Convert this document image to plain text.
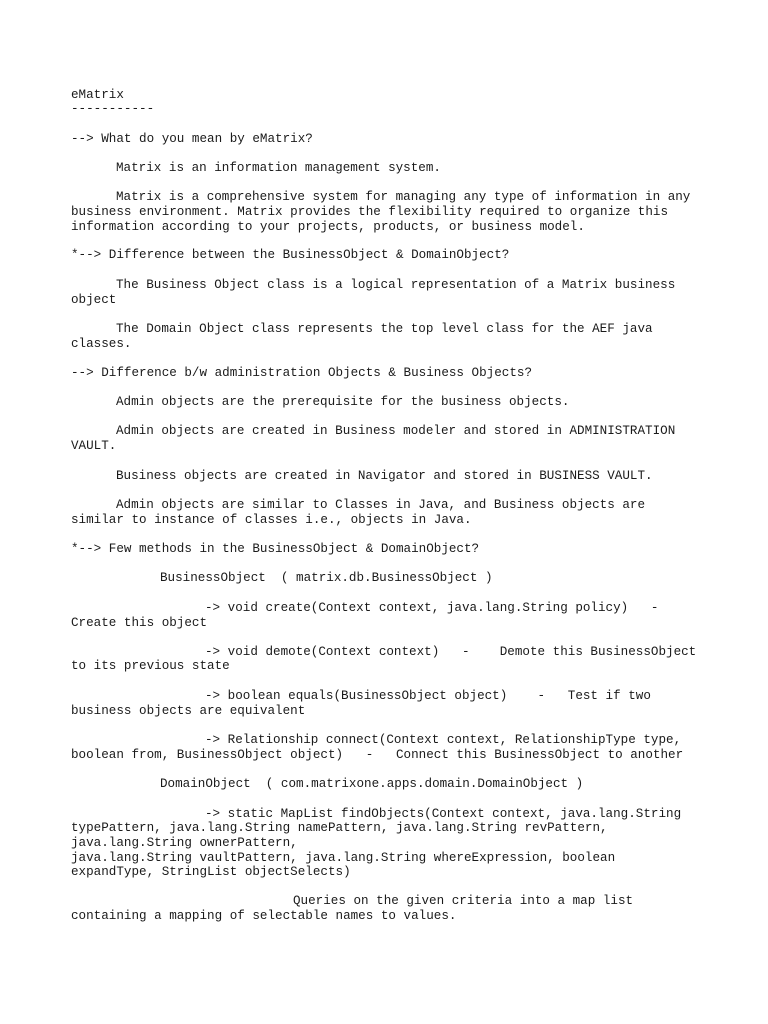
eMatrix
-----------
--> What do you mean by eMatrix?
Matrix is an information management system.
Matrix is a comprehensive system for managing any type of information in any
business environment. Matrix provides the flexibility required to organize this
information according to your projects, products, or business model.
*--> Difference between the BusinessObject & DomainObject?
The Business Object class is a logical representation of a Matrix business
object
The Domain Object class represents the top level class for the AEF java
classes.
--> Difference b/w administration Objects & Business Objects?
Admin objects are the prerequisite for the business objects.
Admin objects are created in Business modeler and stored in ADMINISTRATION
VAULT.
Business objects are created in Navigator and stored in BUSINESS VAULT.
Admin objects are similar to Classes in Java, and Business objects are
similar to instance of classes i.e., objects in Java.
*--> Few methods in the BusinessObject & DomainObject?
BusinessObject  ( matrix.db.BusinessObject )
-> void create(Context context, java.lang.String policy)   -
Create this object
-> void demote(Context context)   -    Demote this BusinessObject
to its previous state
-> boolean equals(BusinessObject object)    -   Test if two
business objects are equivalent
-> Relationship connect(Context context, RelationshipType type,
boolean from, BusinessObject object)   -   Connect this BusinessObject to another
DomainObject  ( com.matrixone.apps.domain.DomainObject )
-> static MapList findObjects(Context context, java.lang.String
typePattern, java.lang.String namePattern, java.lang.String revPattern,
java.lang.String ownerPattern,
java.lang.String vaultPattern, java.lang.String whereExpression, boolean
expandType, StringList objectSelects)
Queries on the given criteria into a map list
containing a mapping of selectable names to values.
